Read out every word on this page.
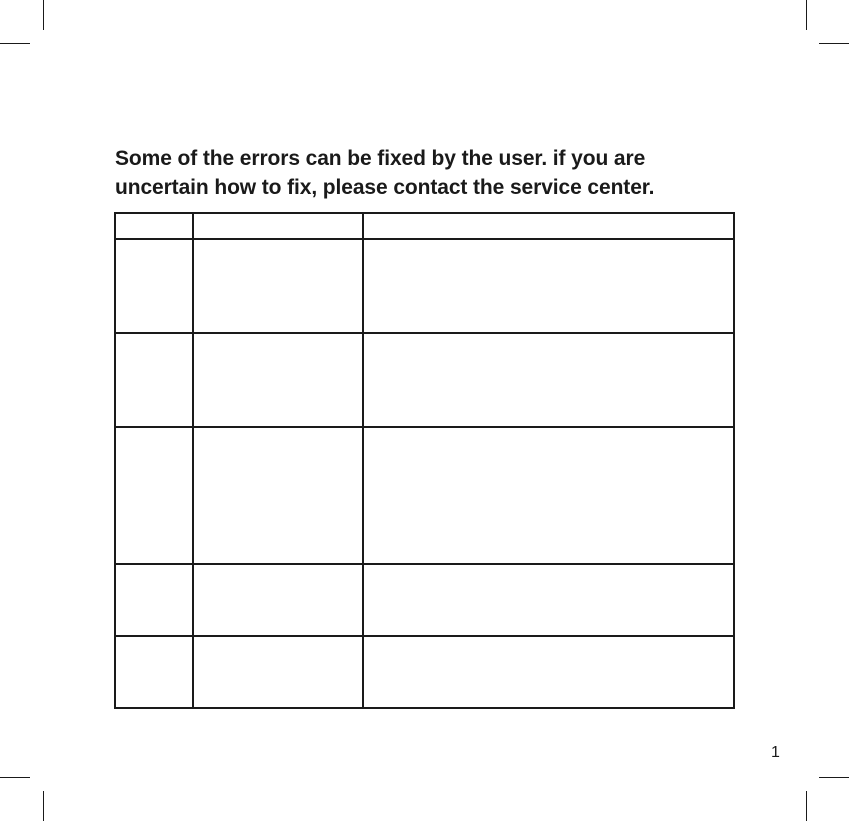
Some of the errors can be fixed by the user. if you are
uncertain how to fix, please contact the service center.

1
